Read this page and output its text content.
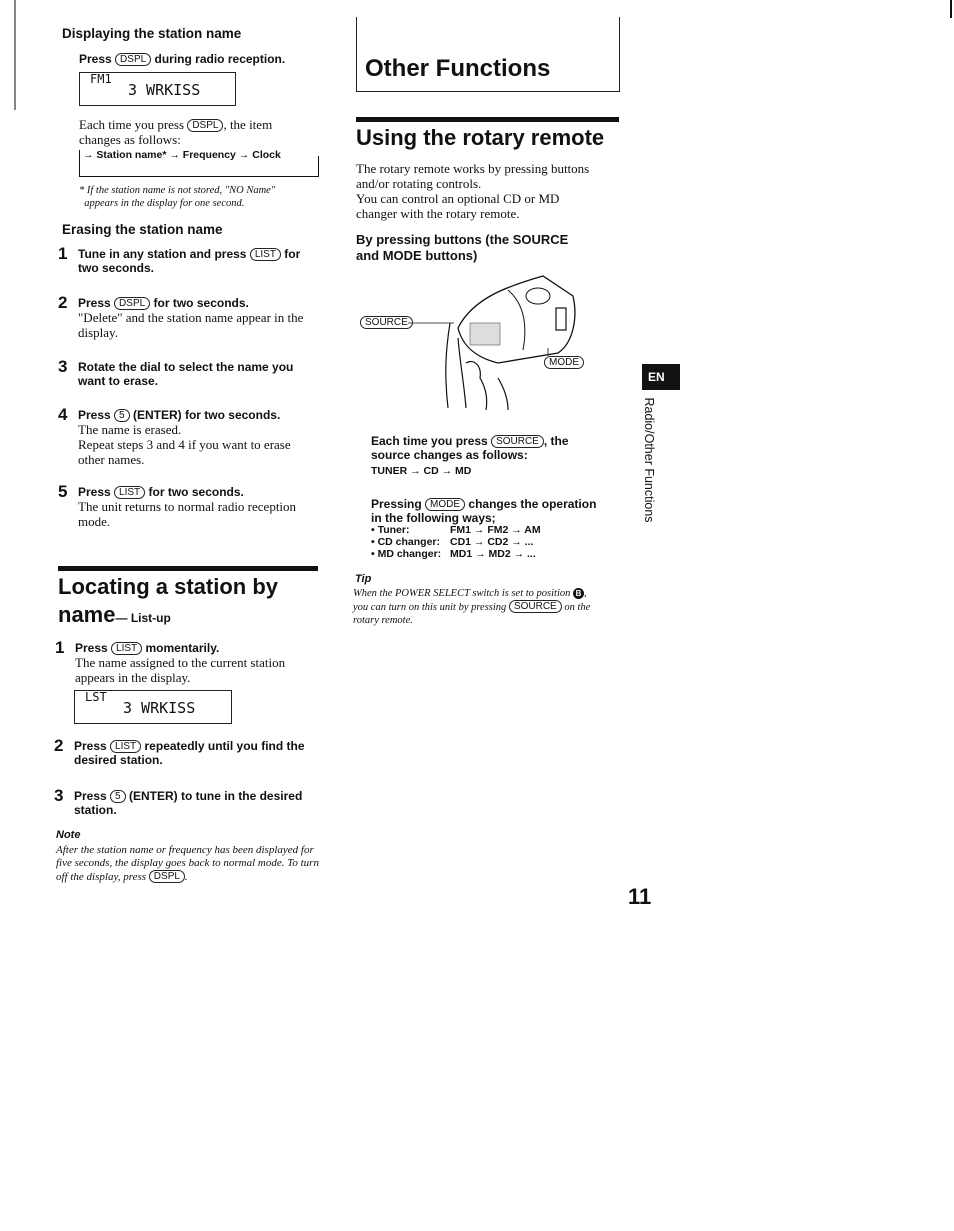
Displaying the station name
Press DSPL during radio reception.
FM1
3 WRKISS
Each time you press DSPL , the item
changes as follows:
→ Station name* → Frequency → Clock
* If the station name is not stored, "NO Name"
appears in the display for one second.
Erasing the station name
1 Tune in any station and press LIST for
two seconds.
2 Press DSPL for two seconds.
"Delete" and the station name appear in the
display.
3 Rotate the dial to select the name you
want to erase.
4 Press 5 (ENTER) for two seconds.
The name is erased.
Repeat steps 3 and 4 if you want to erase
other names.
5 Press LIST for two seconds.
The unit returns to normal radio reception
mode.
Locating a station by
name— List-up
1 Press LIST momentarily.
The name assigned to the current station
appears in the display.
LST
3 WRKISS
2 Press LIST repeatedly until you find the
desired station.
3 Press 5 (ENTER) to tune in the desired
station.
Note
After the station name or frequency has been displayed for
five seconds, the display goes back to normal mode. To turn
off the display, press DSPL .
Other Functions
Using the rotary remote
The rotary remote works by pressing buttons
and/or rotating controls.
You can control an optional CD or MD
changer with the rotary remote.
By pressing buttons (the SOURCE
and MODE buttons)
SOURCE
MODE
Each time you press SOURCE , the
source changes as follows:
TUNER → CD → MD
Pressing MODE changes the operation
in the following ways;
• Tuner:	FM1 → FM2 → AM
• CD changer: CD1 → CD2 → ...
• MD changer: MD1 → MD2 → ...
Tip
When the POWER SELECT switch is set to position B ,
you can turn on this unit by pressing SOURCE on the
rotary remote.
EN
Radio/Other Functions
11
